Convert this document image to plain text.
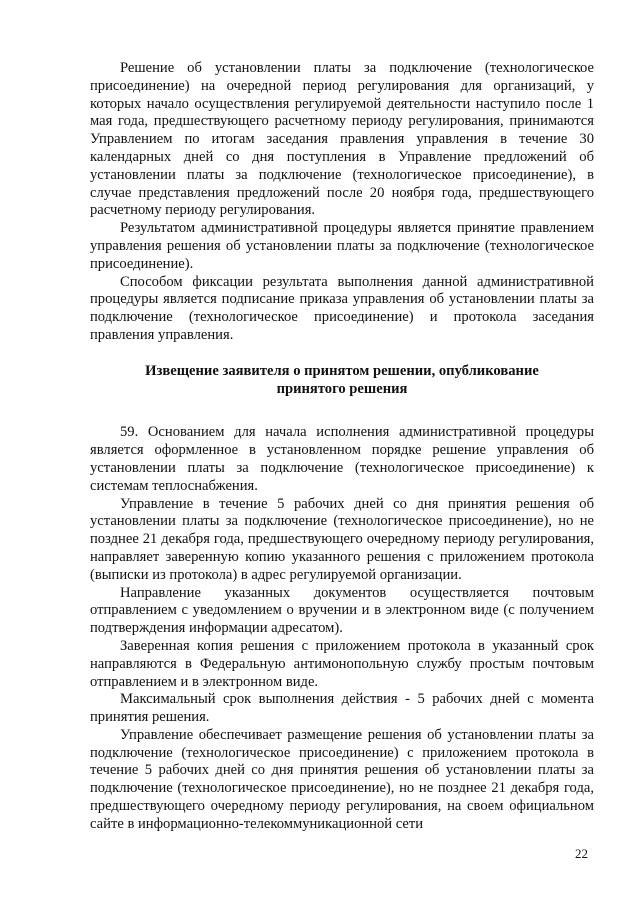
Решение об установлении платы за подключение (технологическое присоединение) на очередной период регулирования для организаций, у которых начало осуществления регулируемой деятельности наступило после 1 мая года, предшествующего расчетному периоду регулирования, принимаются Управлением по итогам заседания правления управления в течение 30 календарных дней со дня поступления в Управление предложений об установлении платы за подключение (технологическое присоединение), в случае представления предложений после 20 ноября года, предшествующего расчетному периоду регулирования.

Результатом административной процедуры является принятие правлением управления решения об установлении платы за подключение (технологическое присоединение).

Способом фиксации результата выполнения данной административной процедуры является подписание приказа управления об установлении платы за подключение (технологическое присоединение) и протокола заседания правления управления.

Извещение заявителя о принятом решении, опубликование
принятого решения

59. Основанием для начала исполнения административной процедуры является оформленное в установленном порядке решение управления об установлении платы за подключение (технологическое присоединение) к системам теплоснабжения.

Управление в течение 5 рабочих дней со дня принятия решения об установлении платы за подключение (технологическое присоединение), но не позднее 21 декабря года, предшествующего очередному периоду регулирования, направляет заверенную копию указанного решения с приложением протокола (выписки из протокола) в адрес регулируемой организации.

Направление указанных документов осуществляется почтовым отправлением с уведомлением о вручении и в электронном виде (с получением подтверждения информации адресатом).

Заверенная копия решения с приложением протокола в указанный срок направляются в Федеральную антимонопольную службу простым почтовым отправлением и в электронном виде.

Максимальный срок выполнения действия - 5 рабочих дней с момента принятия решения.

Управление обеспечивает размещение решения об установлении платы за подключение (технологическое присоединение) с приложением протокола в течение 5 рабочих дней со дня принятия решения об установлении платы за подключение (технологическое присоединение), но не позднее 21 декабря года, предшествующего очередному периоду регулирования, на своем официальном сайте в информационно-телекоммуникационной сети

22
